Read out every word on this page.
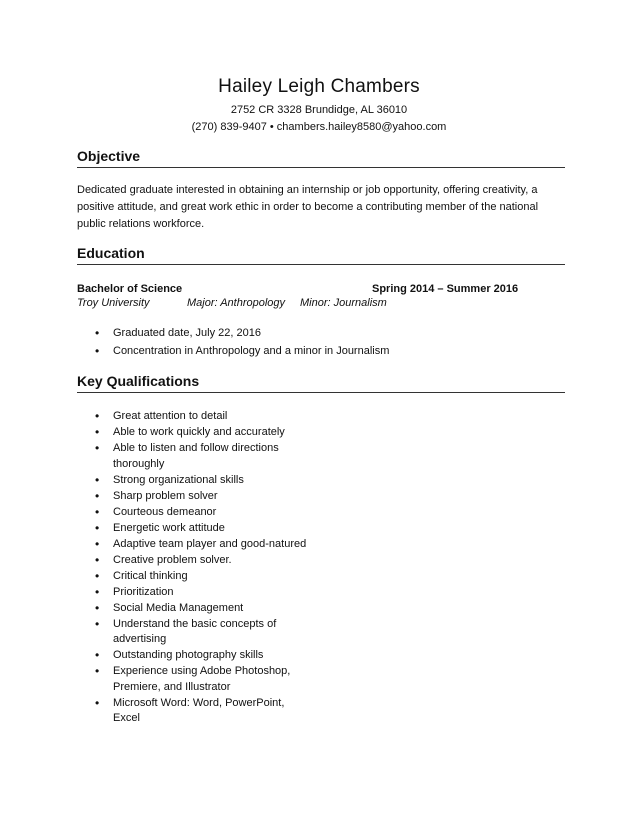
Hailey Leigh Chambers
2752 CR 3328 Brundidge, AL 36010
(270) 839-9407 • chambers.hailey8580@yahoo.com
Objective
Dedicated graduate interested in obtaining an internship or job opportunity, offering creativity, a positive attitude, and great work ethic in order to become a contributing member of the national public relations workforce.
Education
Bachelor of Science	Spring 2014 – Summer 2016
Troy University	Major: Anthropology Minor: Journalism
• Graduated date, July 22, 2016
• Concentration in Anthropology and a minor in Journalism
Key Qualifications
• Great attention to detail
• Able to work quickly and accurately
• Able to listen and follow directions thoroughly
• Strong organizational skills
• Sharp problem solver
• Courteous demeanor
• Energetic work attitude
• Adaptive team player and good-natured
• Creative problem solver.
• Critical thinking
• Prioritization
• Social Media Management
• Understand the basic concepts of advertising
• Outstanding photography skills
• Experience using Adobe Photoshop, Premiere, and Illustrator
• Microsoft Word: Word, PowerPoint, Excel
